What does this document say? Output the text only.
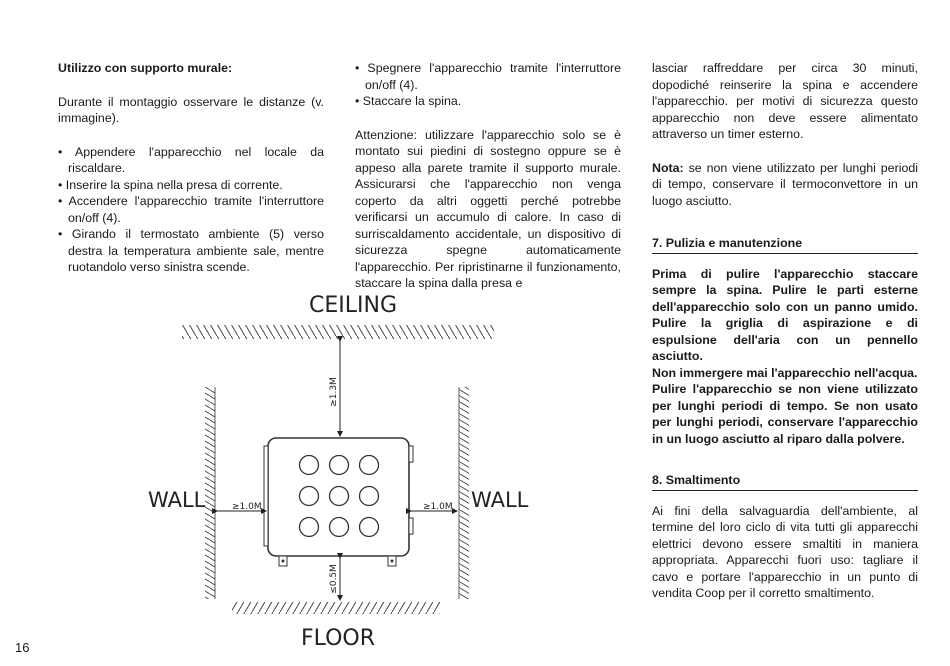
Utilizzo con supporto murale:

Durante il montaggio osservare le distanze (v. immagine).

• Appendere l'apparecchio nel locale da riscaldare.

• Inserire la spina nella presa di corrente.

• Accendere l'apparecchio tramite l'interruttore on/off (4).

• Girando il termostato ambiente (5) verso destra la temperatura ambiente sale, mentre ruotandolo verso sinistra scende.

• Spegnere l'apparecchio tramite l'interruttore on/off (4).

• Staccare la spina.

Attenzione: utilizzare l'apparecchio solo se è montato sui piedini di sostegno oppure se è appeso alla parete tramite il supporto murale. Assicurarsi che l'apparecchio non venga coperto da altri oggetti perché potrebbe verificarsi un accumulo di calore. In caso di surriscaldamento accidentale, un dispositivo di sicurezza spegne automaticamente l'apparecchio. Per ripristinarne il funzionamento, staccare la spina dalla presa e

lasciar raffreddare per circa 30 minuti, dopodiché reinserire la spina e accendere l'apparecchio. per motivi di sicurezza questo apparecchio non deve essere alimentato attraverso un timer esterno.

Nota: se non viene utilizzato per lunghi periodi di tempo, conservare il termoconvettore in un luogo asciutto.

7. Pulizia e manutenzione

Prima di pulire l'apparecchio staccare sempre la spina. Pulire le parti esterne dell'apparecchio solo con un panno umido. Pulire la griglia di aspirazione e di espulsione dell'aria con un pennello asciutto.

Non immergere mai l'apparecchio nell'acqua.

Pulire l'apparecchio se non viene utilizzato per lunghi periodi di tempo. Se non usato per lunghi periodi, conservare l'apparecchio in un luogo asciutto al riparo dalla polvere.

8. Smaltimento

Ai fini della salvaguardia dell'ambiente, al termine del loro ciclo di vita tutti gli apparecchi elettrici devono essere smaltiti in maniera appropriata. Apparecchi fuori uso: tagliare il cavo e portare l'apparecchio in un punto di vendita Coop per il corretto smaltimento.

16
CEILING
FLOOR
WALL	WALL
≥1.3M
≥1.0M	≥1.0M
≤0.5M
